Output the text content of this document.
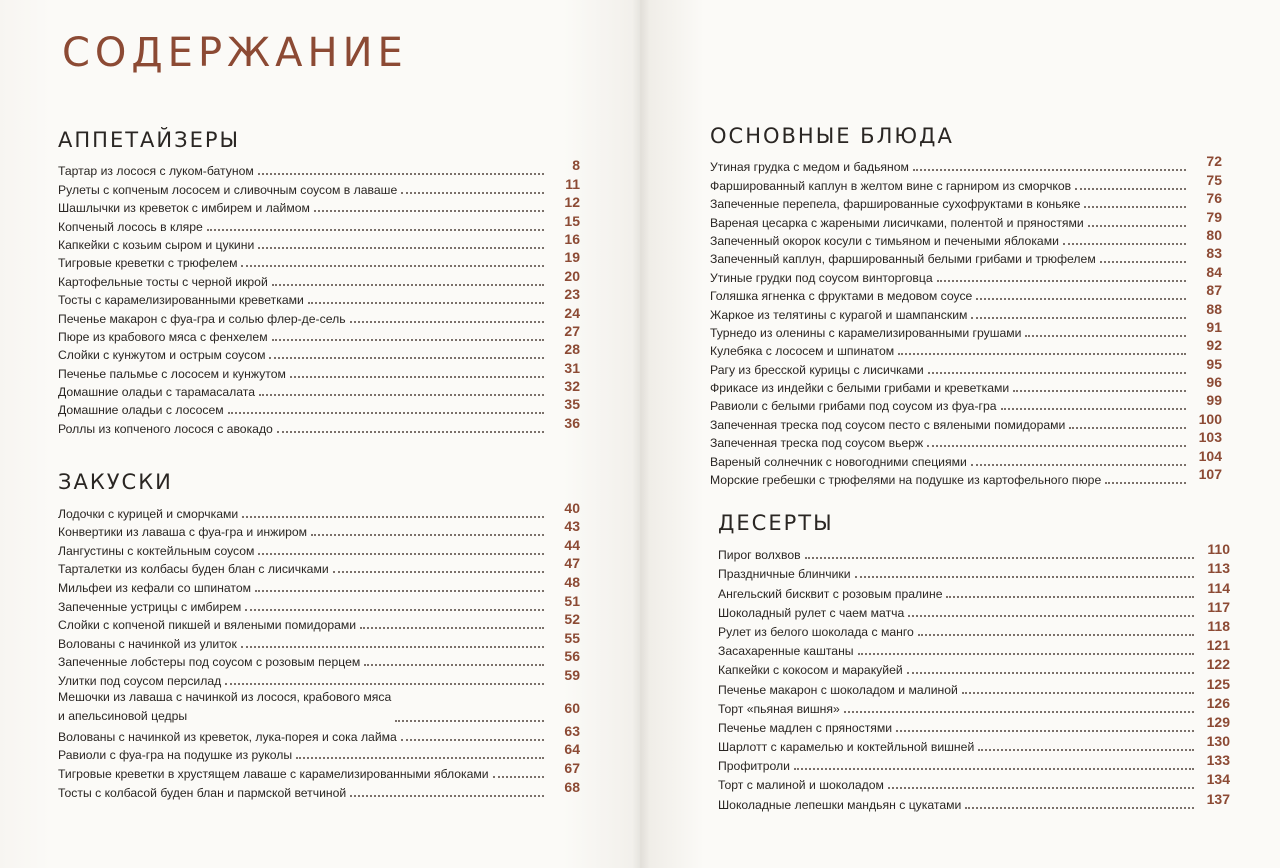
СОДЕРЖАНИЕ
АППЕТАЙЗЕРЫ
Тартар из лосося с луком-батуном	8
Рулеты с копченым лососем и сливочным соусом в лаваше	11
Шашлычки из креветок с имбирем и лаймом	12
Копченый лосось в кляре	15
Капкейки с козьим сыром и цукини	16
Тигровые креветки с трюфелем	19
Картофельные тосты с черной икрой	20
Тосты с карамелизированными креветками	23
Печенье макарон с фуа-гра и солью флер-де-сель	24
Пюре из крабового мяса с фенхелем	27
Слойки с кунжутом и острым соусом	28
Печенье пальмье с лососем и кунжутом	31
Домашние оладьи с тарамасалата	32
Домашние оладьи с лососем	35
Роллы из копченого лосося с авокадо	36
ЗАКУСКИ
Лодочки с курицей и сморчками	40
Конвертики из лаваша с фуа-гра и инжиром	43
Лангустины с коктейльным соусом	44
Тарталетки из колбасы буден блан с лисичками	47
Мильфеи из кефали со шпинатом	48
Запеченные устрицы с имбирем	51
Слойки с копченой пикшей и вялеными помидорами	52
Волованы с начинкой из улиток	55
Запеченные лобстеры под соусом с розовым перцем	56
Улитки под соусом персилад	59
Мешочки из лаваша с начинкой из лосося, крабового мяса
и апельсиновой цедры	60
Волованы с начинкой из креветок, лука-порея и сока лайма	63
Равиоли с фуа-гра на подушке из руколы	64
Тигровые креветки в хрустящем лаваше с карамелизированными яблоками	67
Тосты с колбасой буден блан и пармской ветчиной	68
ОСНОВНЫЕ БЛЮДА
Утиная грудка с медом и бадьяном	72
Фаршированный каплун в желтом вине с гарниром из сморчков	75
Запеченные перепела, фаршированные сухофруктами в коньяке	76
Вареная цесарка с жареными лисичками, полентой и пряностями	79
Запеченный окорок косули с тимьяном и печеными яблоками	80
Запеченный каплун, фаршированный белыми грибами и трюфелем	83
Утиные грудки под соусом винторговца	84
Голяшка ягненка с фруктами в медовом соусе	87
Жаркое из телятины с курагой и шампанским	88
Турнедо из оленины с карамелизированными грушами	91
Кулебяка с лососем и шпинатом	92
Рагу из бресской курицы с лисичками	95
Фрикасе из индейки с белыми грибами и креветками	96
Равиоли с белыми грибами под соусом из фуа-гра	99
Запеченная треска под соусом песто с вялеными помидорами	100
Запеченная треска под соусом вьерж	103
Вареный солнечник с новогодними специями	104
Морские гребешки с трюфелями на подушке из картофельного пюре	107
ДЕСЕРТЫ
Пирог волхвов	110
Праздничные блинчики	113
Ангельский бисквит с розовым пралине	114
Шоколадный рулет с чаем матча	117
Рулет из белого шоколада с манго	118
Засахаренные каштаны	121
Капкейки с кокосом и маракуйей	122
Печенье макарон с шоколадом и малиной	125
Торт «пьяная вишня»	126
Печенье мадлен с пряностями	129
Шарлотт с карамелью и коктейльной вишней	130
Профитроли	133
Торт с малиной и шоколадом	134
Шоколадные лепешки мандьян с цукатами	137
